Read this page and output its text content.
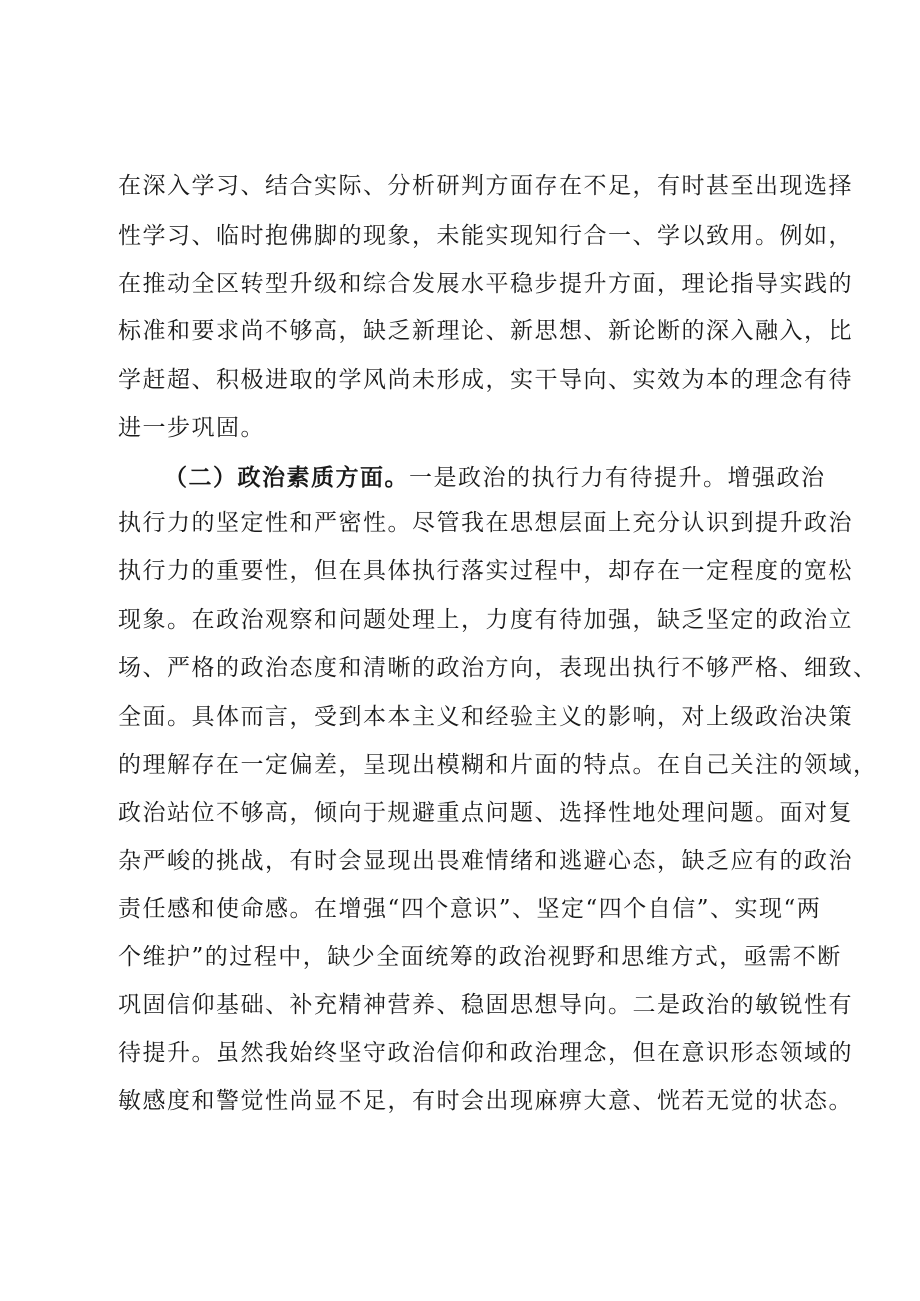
在深入学习、结合实际、分析研判方面存在不足，有时甚至出现选择
性学习、临时抱佛脚的现象，未能实现知行合一、学以致用。例如，
在推动全区转型升级和综合发展水平稳步提升方面，理论指导实践的
标准和要求尚不够高，缺乏新理论、新思想、新论断的深入融入，比
学赶超、积极进取的学风尚未形成，实干导向、实效为本的理念有待
进一步巩固。
（二）政治素质方面。一是政治的执行力有待提升。增强政治
执行力的坚定性和严密性。尽管我在思想层面上充分认识到提升政治
执行力的重要性，但在具体执行落实过程中，却存在一定程度的宽松
现象。在政治观察和问题处理上，力度有待加强，缺乏坚定的政治立
场、严格的政治态度和清晰的政治方向，表现出执行不够严格、细致、
全面。具体而言，受到本本主义和经验主义的影响，对上级政治决策
的理解存在一定偏差，呈现出模糊和片面的特点。在自己关注的领域，
政治站位不够高，倾向于规避重点问题、选择性地处理问题。面对复
杂严峻的挑战，有时会显现出畏难情绪和逃避心态，缺乏应有的政治
责任感和使命感。在增强“四个意识”、坚定“四个自信”、实现“两
个维护”的过程中，缺少全面统筹的政治视野和思维方式，亟需不断
巩固信仰基础、补充精神营养、稳固思想导向。二是政治的敏锐性有
待提升。虽然我始终坚守政治信仰和政治理念，但在意识形态领域的
敏感度和警觉性尚显不足，有时会出现麻痹大意、恍若无觉的状态。
